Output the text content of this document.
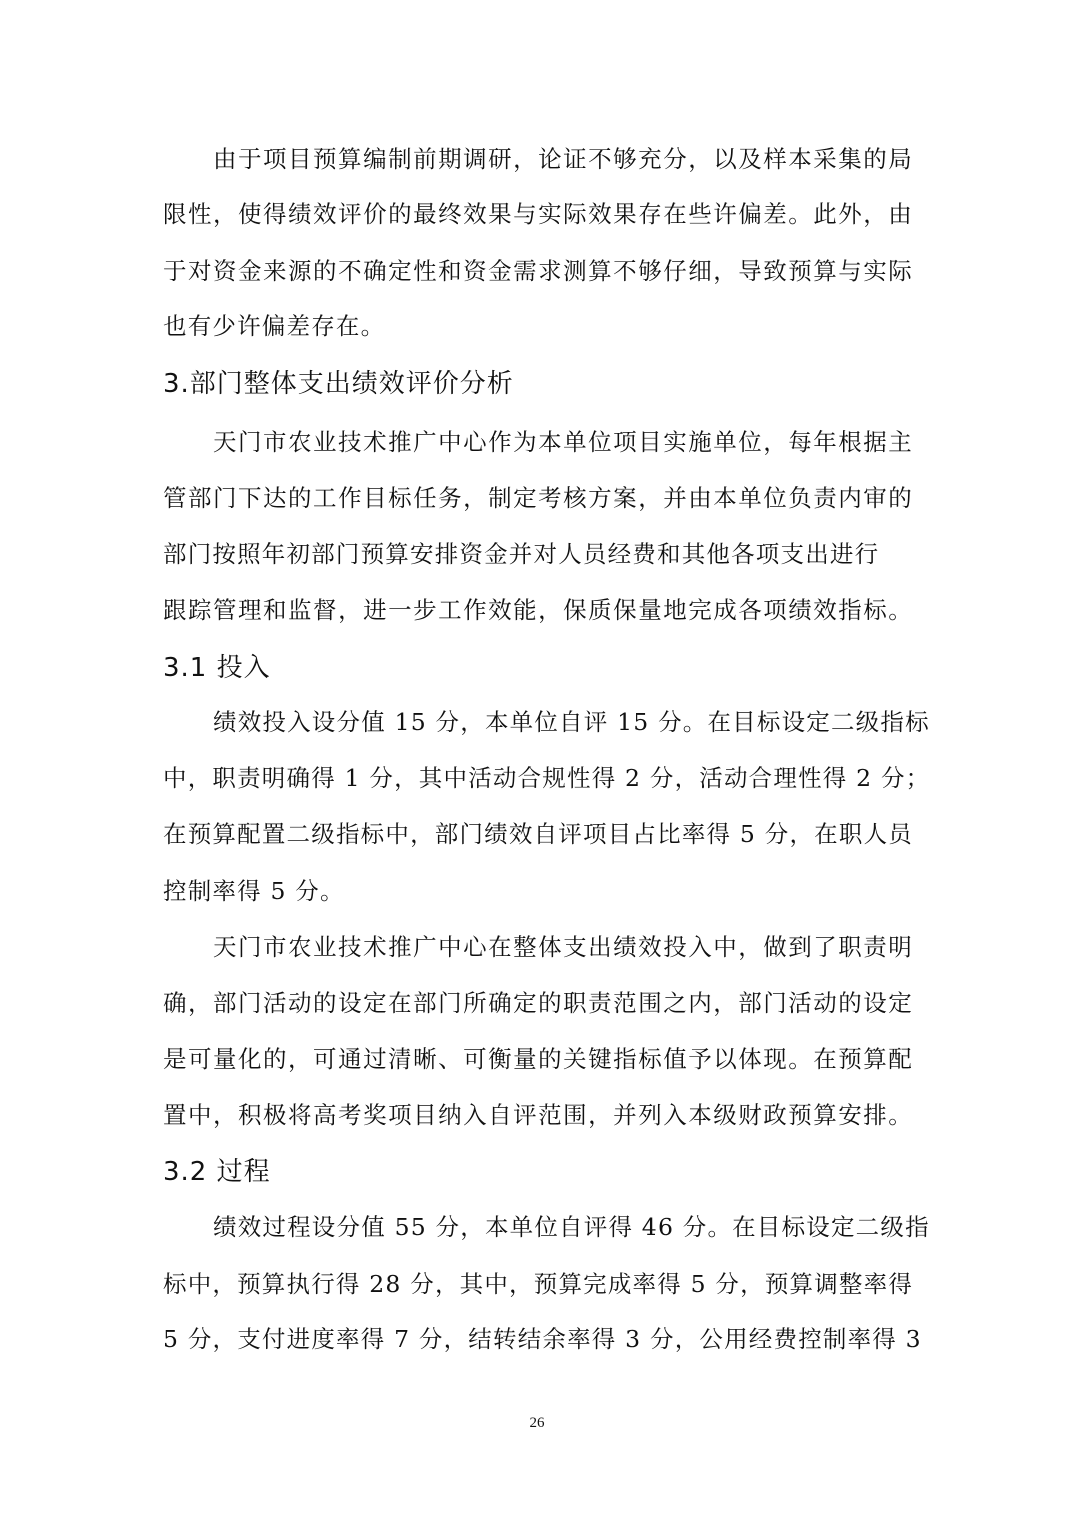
由于项目预算编制前期调研，论证不够充分，以及样本采集的局
限性，使得绩效评价的最终效果与实际效果存在些许偏差。此外，由
于对资金来源的不确定性和资金需求测算不够仔细，导致预算与实际
也有少许偏差存在。
3.部门整体支出绩效评价分析
天门市农业技术推广中心作为本单位项目实施单位，每年根据主
管部门下达的工作目标任务，制定考核方案，并由本单位负责内审的
部门按照年初部门预算安排资金并对人员经费和其他各项支出进行
跟踪管理和监督，进一步工作效能，保质保量地完成各项绩效指标。
3.1 投入
绩效投入设分值 15 分，本单位自评 15 分。在目标设定二级指标
中，职责明确得 1 分，其中活动合规性得 2 分，活动合理性得 2 分；
在预算配置二级指标中，部门绩效自评项目占比率得 5 分，在职人员
控制率得 5 分。
天门市农业技术推广中心在整体支出绩效投入中，做到了职责明
确，部门活动的设定在部门所确定的职责范围之内，部门活动的设定
是可量化的，可通过清晰、可衡量的关键指标值予以体现。在预算配
置中，积极将高考奖项目纳入自评范围，并列入本级财政预算安排。
3.2 过程
绩效过程设分值 55 分，本单位自评得 46 分。在目标设定二级指
标中，预算执行得 28 分，其中，预算完成率得 5 分，预算调整率得
5 分，支付进度率得 7 分，结转结余率得 3 分，公用经费控制率得 3
26
